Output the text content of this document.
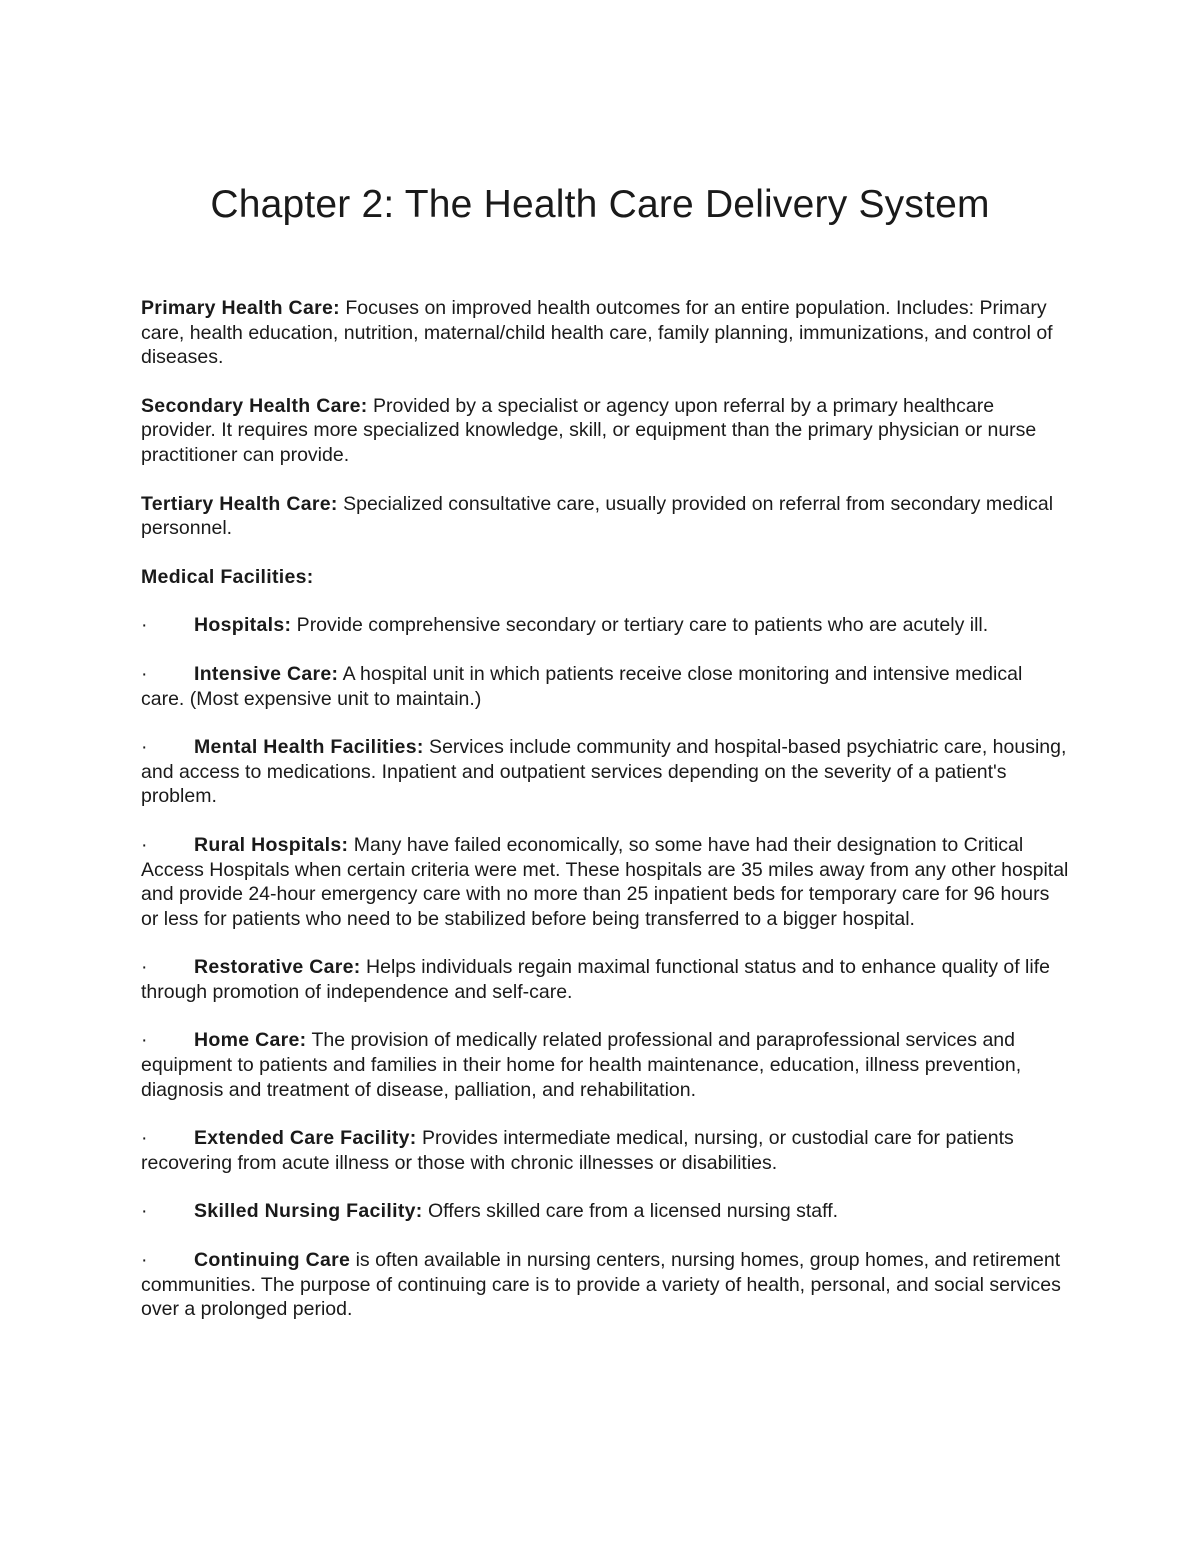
Chapter 2: The Health Care Delivery System

Primary Health Care: Focuses on improved health outcomes for an entire population. Includes: Primary care, health education, nutrition, maternal/child health care, family planning, immunizations, and control of diseases.

Secondary Health Care: Provided by a specialist or agency upon referral by a primary healthcare provider. It requires more specialized knowledge, skill, or equipment than the primary physician or nurse practitioner can provide.

Tertiary Health Care: Specialized consultative care, usually provided on referral from secondary medical personnel.

Medical Facilities:

· Hospitals: Provide comprehensive secondary or tertiary care to patients who are acutely ill.

· Intensive Care: A hospital unit in which patients receive close monitoring and intensive medical care. (Most expensive unit to maintain.)

· Mental Health Facilities: Services include community and hospital-based psychiatric care, housing, and access to medications. Inpatient and outpatient services depending on the severity of a patient's problem.

· Rural Hospitals: Many have failed economically, so some have had their designation to Critical Access Hospitals when certain criteria were met. These hospitals are 35 miles away from any other hospital and provide 24-hour emergency care with no more than 25 inpatient beds for temporary care for 96 hours or less for patients who need to be stabilized before being transferred to a bigger hospital.

· Restorative Care: Helps individuals regain maximal functional status and to enhance quality of life through promotion of independence and self-care.

· Home Care: The provision of medically related professional and paraprofessional services and equipment to patients and families in their home for health maintenance, education, illness prevention, diagnosis and treatment of disease, palliation, and rehabilitation.

· Extended Care Facility: Provides intermediate medical, nursing, or custodial care for patients recovering from acute illness or those with chronic illnesses or disabilities.

· Skilled Nursing Facility: Offers skilled care from a licensed nursing staff.

· Continuing Care is often available in nursing centers, nursing homes, group homes, and retirement communities. The purpose of continuing care is to provide a variety of health, personal, and social services over a prolonged period.
